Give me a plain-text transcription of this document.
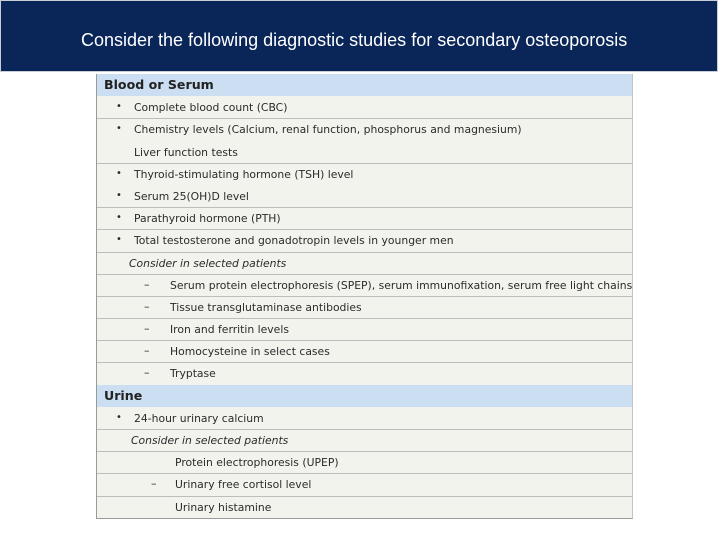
Consider the following diagnostic studies for secondary osteoporosis
Blood or Serum
• Complete blood count (CBC)
• Chemistry levels (Calcium, renal function, phosphorus and magnesium)
Liver function tests
• Thyroid-stimulating hormone (TSH) level
• Serum 25(OH)D level
• Parathyroid hormone (PTH)
• Total testosterone and gonadotropin levels in younger men
Consider in selected patients
– Serum protein electrophoresis (SPEP), serum immunofixation, serum free light chains
– Tissue transglutaminase antibodies
– Iron and ferritin levels
– Homocysteine in select cases
– Tryptase
Urine
• 24-hour urinary calcium
Consider in selected patients
Protein electrophoresis (UPEP)
– Urinary free cortisol level
Urinary histamine
